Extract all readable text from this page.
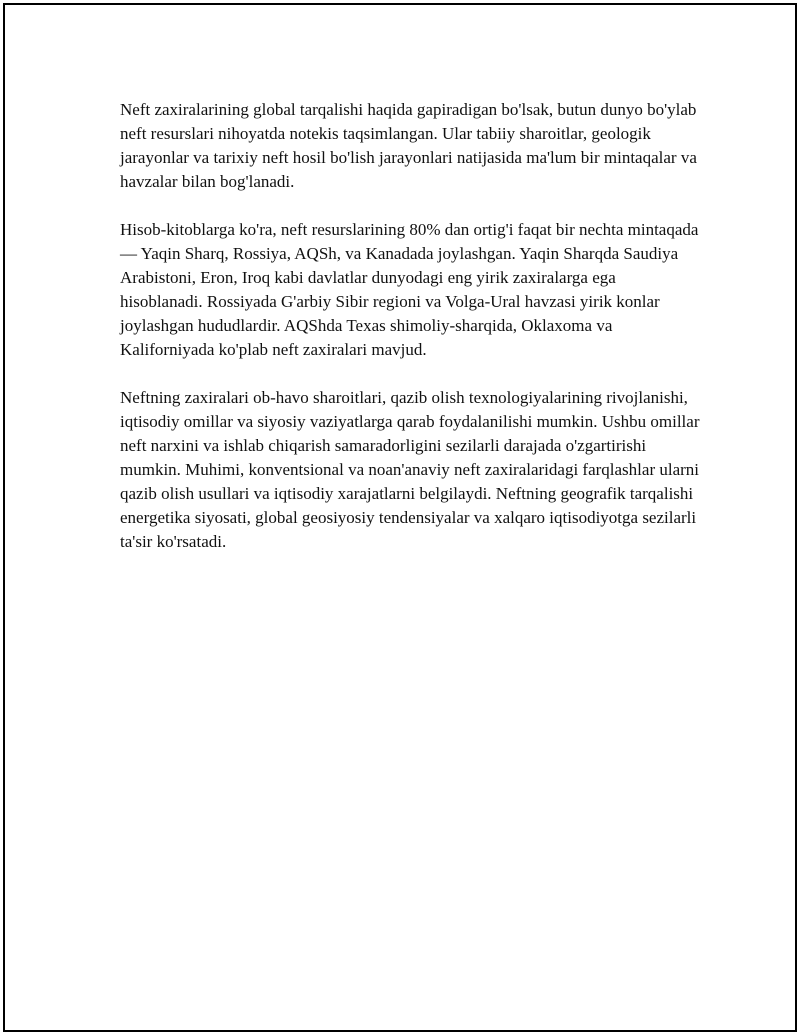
Neft zaxiralarining global tarqalishi haqida gapiradigan bo'lsak, butun dunyo bo'ylab neft resurslari nihoyatda notekis taqsimlangan. Ular tabiiy sharoitlar, geologik jarayonlar va tarixiy neft hosil bo'lish jarayonlari natijasida ma'lum bir mintaqalar va havzalar bilan bog'lanadi.

Hisob-kitoblarga ko'ra, neft resurslarining 80% dan ortig'i faqat bir nechta mintaqada — Yaqin Sharq, Rossiya, AQSh, va Kanadada joylashgan. Yaqin Sharqda Saudiya Arabistoni, Eron, Iroq kabi davlatlar dunyodagi eng yirik zaxiralarga ega hisoblanadi. Rossiyada G'arbiy Sibir regioni va Volga-Ural havzasi yirik konlar joylashgan hududlardir. AQShda Texas shimoliy-sharqida, Oklaxoma va Kaliforniyada ko'plab neft zaxiralari mavjud.

Neftning zaxiralari ob-havo sharoitlari, qazib olish texnologiyalarining rivojlanishi, iqtisodiy omillar va siyosiy vaziyatlarga qarab foydalanilishi mumkin. Ushbu omillar neft narxini va ishlab chiqarish samaradorligini sezilarli darajada o'zgartirishi mumkin. Muhimi, konventsional va noan'anaviy neft zaxiralaridagi farqlashlar ularni qazib olish usullari va iqtisodiy xarajatlarni belgilaydi. Neftning geografik tarqalishi energetika siyosati, global geosiyosiy tendensiyalar va xalqaro iqtisodiyotga sezilarli ta'sir ko'rsatadi.
